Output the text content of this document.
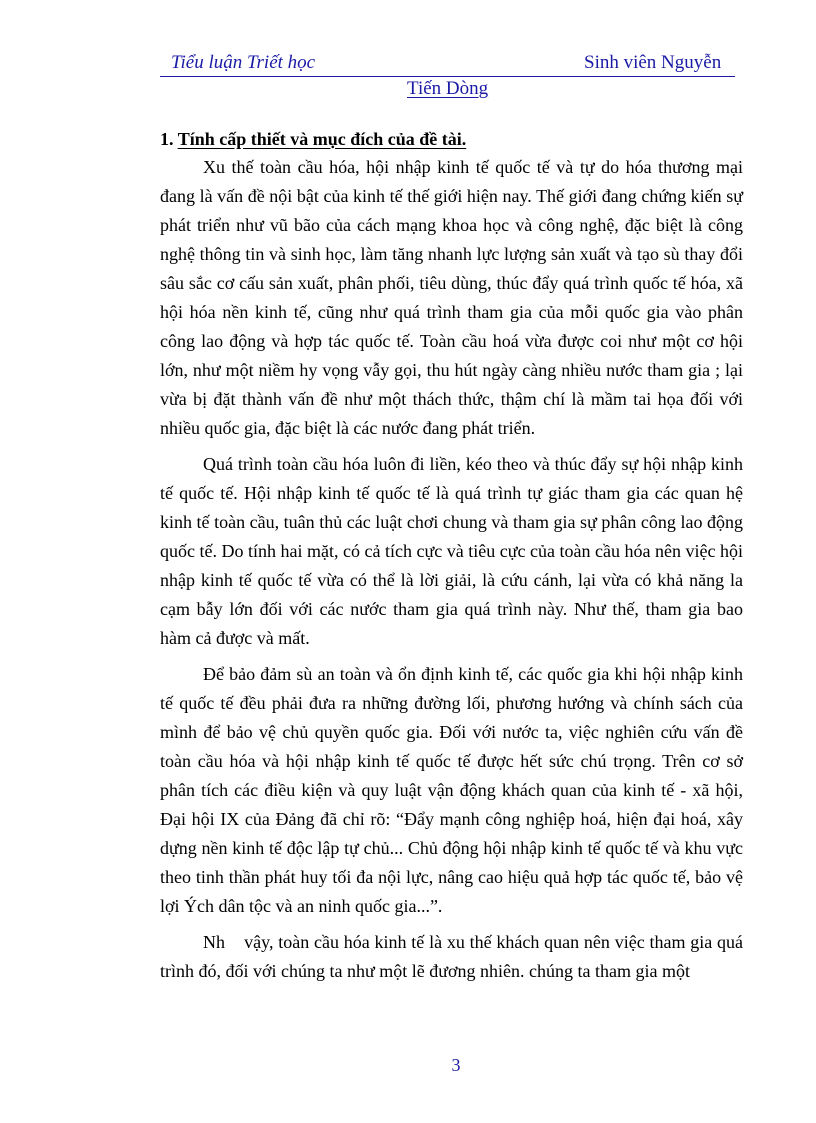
Tiểu luận Triết học	Sinh viên Nguyễn
Tiến Dòng
1. Tính cấp thiết và mục đích của đề tài.

Xu thế toàn cầu hóa, hội nhập kinh tế quốc tế và tự do hóa thương mại đang là vấn đề nội bật của kinh tế thế giới hiện nay. Thế giới đang chứng kiến sự phát triển như vũ bão của cách mạng khoa học và công nghệ, đặc biệt là công nghệ thông tin và sinh học, làm tăng nhanh lực lượng sản xuất và tạo sù thay đổi sâu sắc cơ cấu sản xuất, phân phối, tiêu dùng, thúc đẩy quá trình quốc tế hóa, xã hội hóa nền kinh tế, cũng như quá trình tham gia của mỗi quốc gia vào phân công lao động và hợp tác quốc tế. Toàn cầu hoá vừa được coi như một cơ hội lớn, như một niềm hy vọng vẫy gọi, thu hút ngày càng nhiều nước tham gia ; lại vừa bị đặt thành vấn đề như một thách thức, thậm chí là mầm tai họa đối với nhiều quốc gia, đặc biệt là các nước đang phát triển.

Quá trình toàn cầu hóa luôn đi liền, kéo theo và thúc đẩy sự hội nhập kinh tế quốc tế. Hội nhập kinh tế quốc tế là quá trình tự giác tham gia các quan hệ kinh tế toàn cầu, tuân thủ các luật chơi chung và tham gia sự phân công lao động quốc tế. Do tính hai mặt, có cả tích cực và tiêu cực của toàn cầu hóa nên việc hội nhập kinh tế quốc tế vừa có thể là lời giải, là cứu cánh, lại vừa có khả năng la cạm bẫy lớn đối với các nước tham gia quá trình này. Như thế, tham gia bao hàm cả được và mất.

Để bảo đảm sù an toàn và ổn định kinh tế, các quốc gia khi hội nhập kinh tế quốc tế đều phải đưa ra những đường lối, phương hướng và chính sách của mình để bảo vệ chủ quyền quốc gia. Đối với nước ta, việc nghiên cứu vấn đề toàn cầu hóa và hội nhập kinh tế quốc tế được hết sức chú trọng. Trên cơ sở phân tích các điều kiện và quy luật vận động khách quan của kinh tế - xã hội, Đại hội IX của Đảng đã chỉ rõ: “Đẩy mạnh công nghiệp hoá, hiện đại hoá, xây dựng nền kinh tế độc lập tự chủ... Chủ động hội nhập kinh tế quốc tế và khu vực theo tinh thần phát huy tối đa nội lực, nâng cao hiệu quả hợp tác quốc tế, bảo vệ lợi Ých dân tộc và an ninh quốc gia...”.

Nh    vậy, toàn cầu hóa kinh tế là xu thế khách quan nên việc tham gia quá trình đó, đối với chúng ta như một lẽ đương nhiên. chúng ta tham gia một

3
